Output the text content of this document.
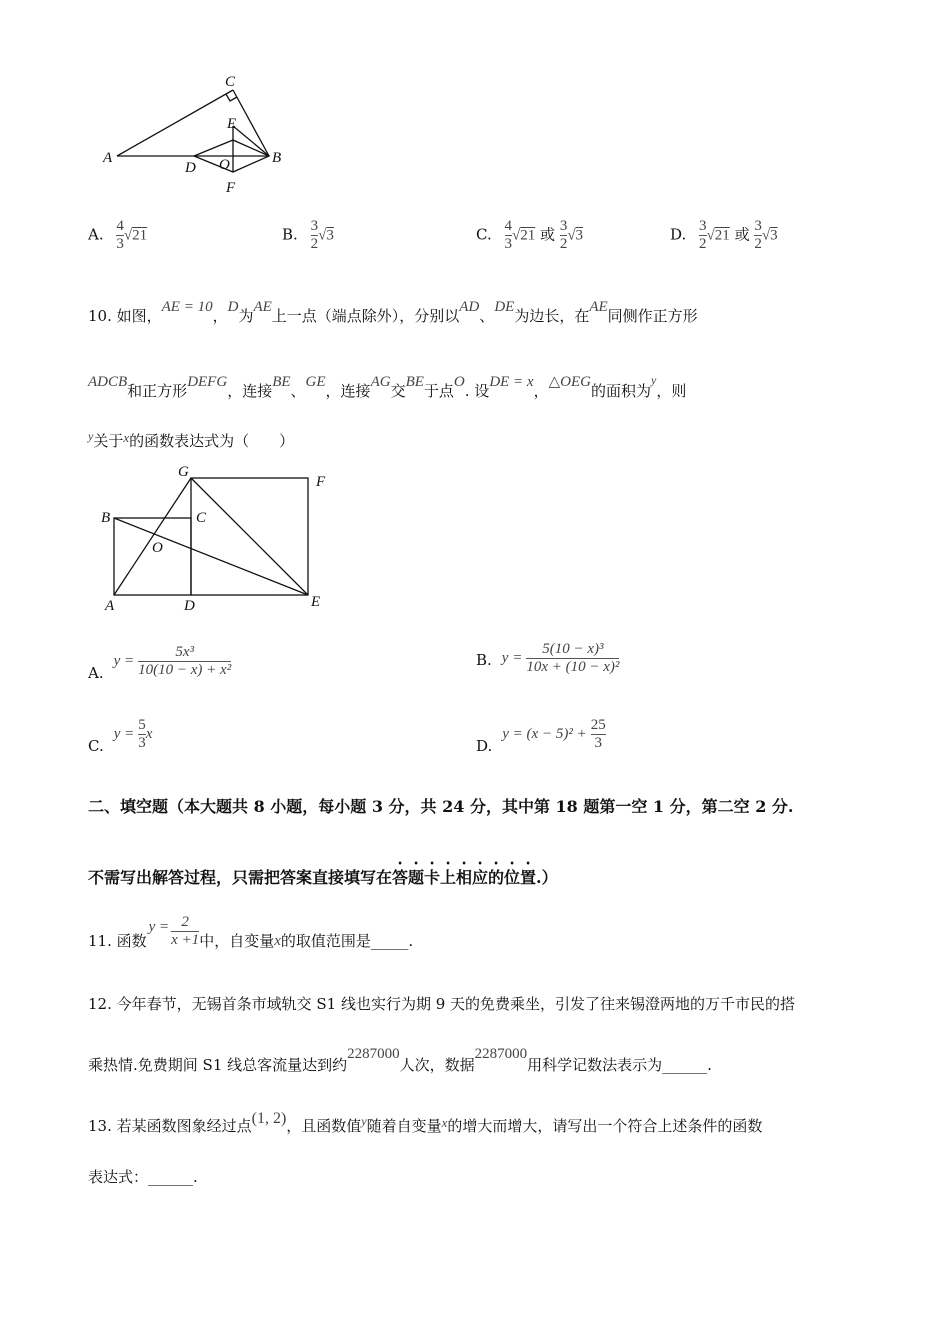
C
E
A
D O	B
F
A. $\frac{4}{3} √21$	B. $\frac{3}{2} √3$	C. $\frac{4}{3} √21$ 或 $\frac{3}{2} √3$	D. $\frac{3}{2} √21$ 或 $\frac{3}{2} √3$
10. 如图，AE = 10，D为AE上一点（端点除外），分别以AD、DE为边长，在AE同侧作正方形
ADCB和正方形DEFG，连接BE、GE，连接AG交BE于点O. 设DE = x，△OEG的面积为$^y$，则
$^y$关于x的函数表达式为（　　）
G
F
B	C
O
A	D	E
A.
$y = \frac{\text{5x³}}{\text{10(10 − x) + x²}}$	B. $y = \frac{\text{5(10 − x)³}}{\text{10x + (10 − x)²}}$
C.
$y = \frac{5}{3}$ x
D.
$y = (x - 5)^2 + \frac{25}{3}$
二、填空题（本大题共 8 小题，每小题 3 分，共 24 分，其中第 18 题第一空 1 分，第二空 2 分.
不需写出解答过程，只需把答案直接填写在答题卡上相应的位置.）
11. 函数
$y = \frac{2}{x +1}$ 中，自变量 x 的取值范围是_____.
12. 今年春节，无锡首条市域轨交 S1 线也实行为期 9 天的免费乘坐，引发了往来锡澄两地的万千市民的搭
乘热情.免费期间 S1 线总客流量达到约2287000人次，数据2287000用科学记数法表示为______.
13. 若某函数图象经过点(1, 2)，且函数值$^y$随着自变量x的增大而增大，请写出一个符合上述条件的函数
表达式：______.
